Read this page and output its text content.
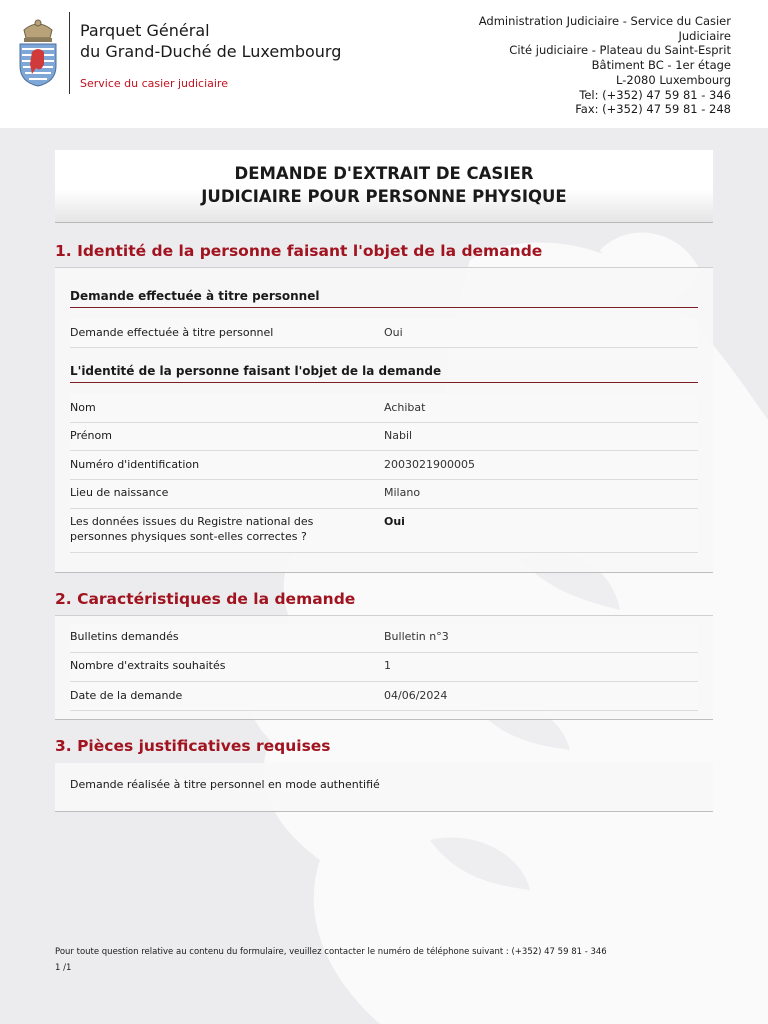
Parquet Général
du Grand-Duché de Luxembourg
Service du casier judiciaire
Administration Judiciaire - Service du Casier
Judiciaire
Cité judiciaire - Plateau du Saint-Esprit
Bâtiment BC - 1er étage
L-2080 Luxembourg
Tel: (+352) 47 59 81 - 346
Fax: (+352) 47 59 81 - 248
DEMANDE D'EXTRAIT DE CASIER
JUDICIAIRE POUR PERSONNE PHYSIQUE
1. Identité de la personne faisant l'objet de la demande
Demande effectuée à titre personnel
Demande effectuée à titre personnel	Oui
L'identité de la personne faisant l'objet de la demande
Nom	Achibat
Prénom	Nabil
Numéro d'identification	2003021900005
Lieu de naissance	Milano
Les données issues du Registre national des personnes physiques sont-elles correctes ?
Oui
2. Caractéristiques de la demande
Bulletins demandés	Bulletin n°3
Nombre d'extraits souhaités	1
Date de la demande	04/06/2024
3. Pièces justificatives requises
Demande réalisée à titre personnel en mode authentifié
Pour toute question relative au contenu du formulaire, veuillez contacter le numéro de téléphone suivant : (+352) 47 59 81 - 346
1 /1
